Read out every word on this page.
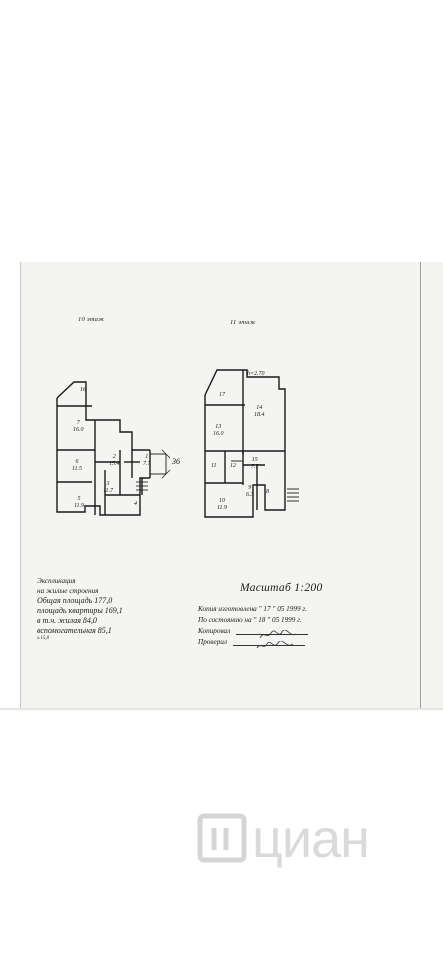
10 этаж
16
7
16.0
2
15.4
1
7.7
6
11.5
3
11.7
5
11.9	4
36
11 этаж
h=2.70
17
14
18.4
13
16.0
11 12
15
7.7
9
6.3 8
10
11.9
Экспликация
на жилые строения
Общая площадь 177,0
площадь квартиры 169,1
в т.ч. жилая 84,0
вспомогательная 85,1
л.15,0
Масштаб 1:200
Копия изготовлена " 17 " 05 1999 г.
По состоянию на " 18 " 05 1999 г.
Копировал
Проверил
циан
